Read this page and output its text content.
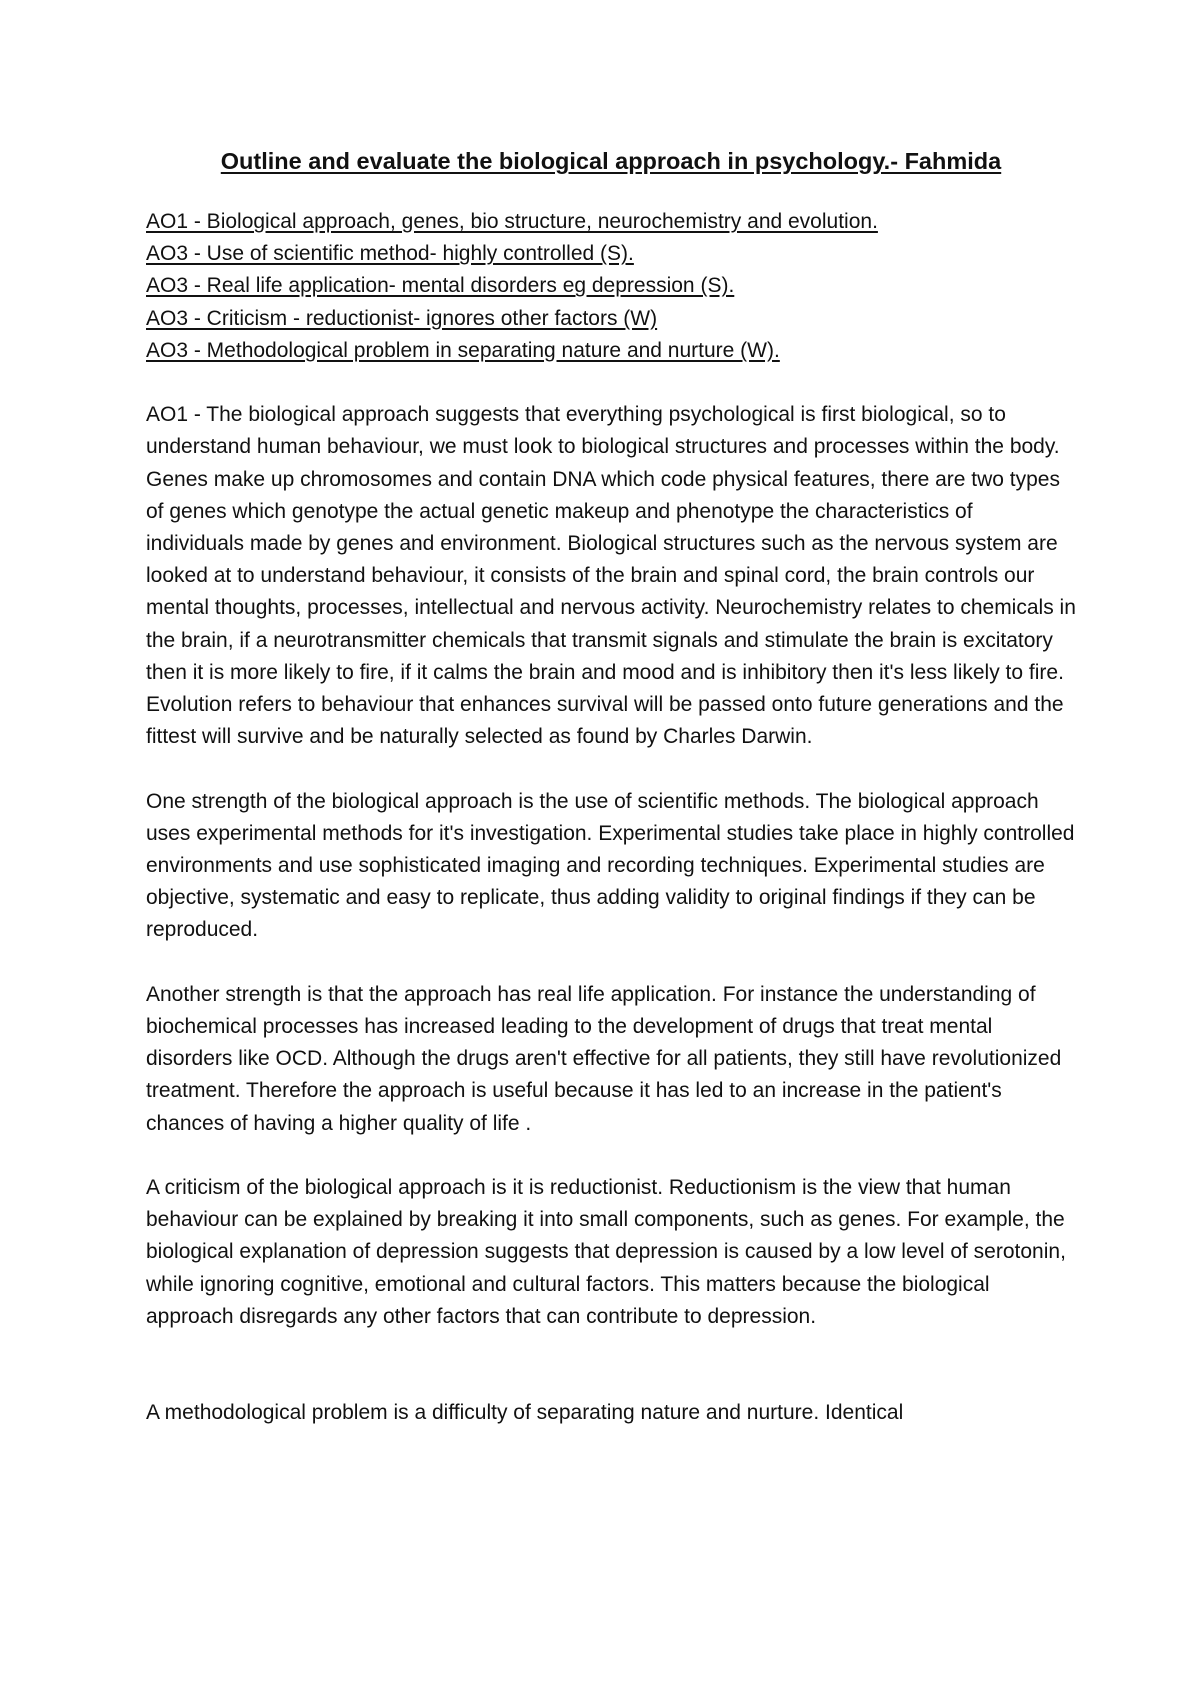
Outline and evaluate the biological approach in psychology.- Fahmida
AO1 - Biological approach, genes, bio structure, neurochemistry and evolution.
AO3 - Use of scientific method- highly controlled (S).
AO3 - Real life application- mental disorders eg depression (S).
AO3 - Criticism - reductionist- ignores other factors (W)
AO3 - Methodological problem in separating nature and nurture (W).

AO1 - The biological approach suggests that everything psychological is first biological, so to understand human behaviour, we must look to biological structures and processes within the body. Genes make up chromosomes and contain DNA which code physical features, there are two types of genes which genotype the actual genetic makeup and phenotype the characteristics of individuals made by genes and environment. Biological structures such as the nervous system are looked at to understand behaviour, it consists of the brain and spinal cord, the brain controls our mental thoughts, processes, intellectual and nervous activity. Neurochemistry relates to chemicals in the brain, if a neurotransmitter chemicals that transmit signals and stimulate the brain is excitatory then it is more likely to fire, if it calms the brain and mood and is inhibitory then it's less likely to fire. Evolution refers to behaviour that enhances survival will be passed onto future generations and the fittest will survive and be naturally selected as found by Charles Darwin.

One strength of the biological approach is the use of scientific methods. The biological approach uses experimental methods for it's investigation. Experimental studies take place in highly controlled environments and use sophisticated imaging and recording techniques. Experimental studies are objective, systematic and easy to replicate, thus adding validity to original findings if they can be reproduced.

Another strength is that the approach has real life application. For instance the understanding of biochemical processes has increased leading to the development of drugs that treat mental disorders like OCD. Although the drugs aren't effective for all patients, they still have revolutionized treatment. Therefore the approach is useful because it has led to an increase in the patient's chances of having a higher quality of life .

A criticism of the biological approach is it is reductionist. Reductionism is the view that human behaviour can be explained by breaking it into small components, such as genes. For example, the biological explanation of depression suggests that depression is caused by a low level of serotonin, while ignoring cognitive, emotional and cultural factors. This matters because the biological approach disregards any other factors that can contribute to depression.

A methodological problem is a difficulty of separating nature and nurture. Identical
